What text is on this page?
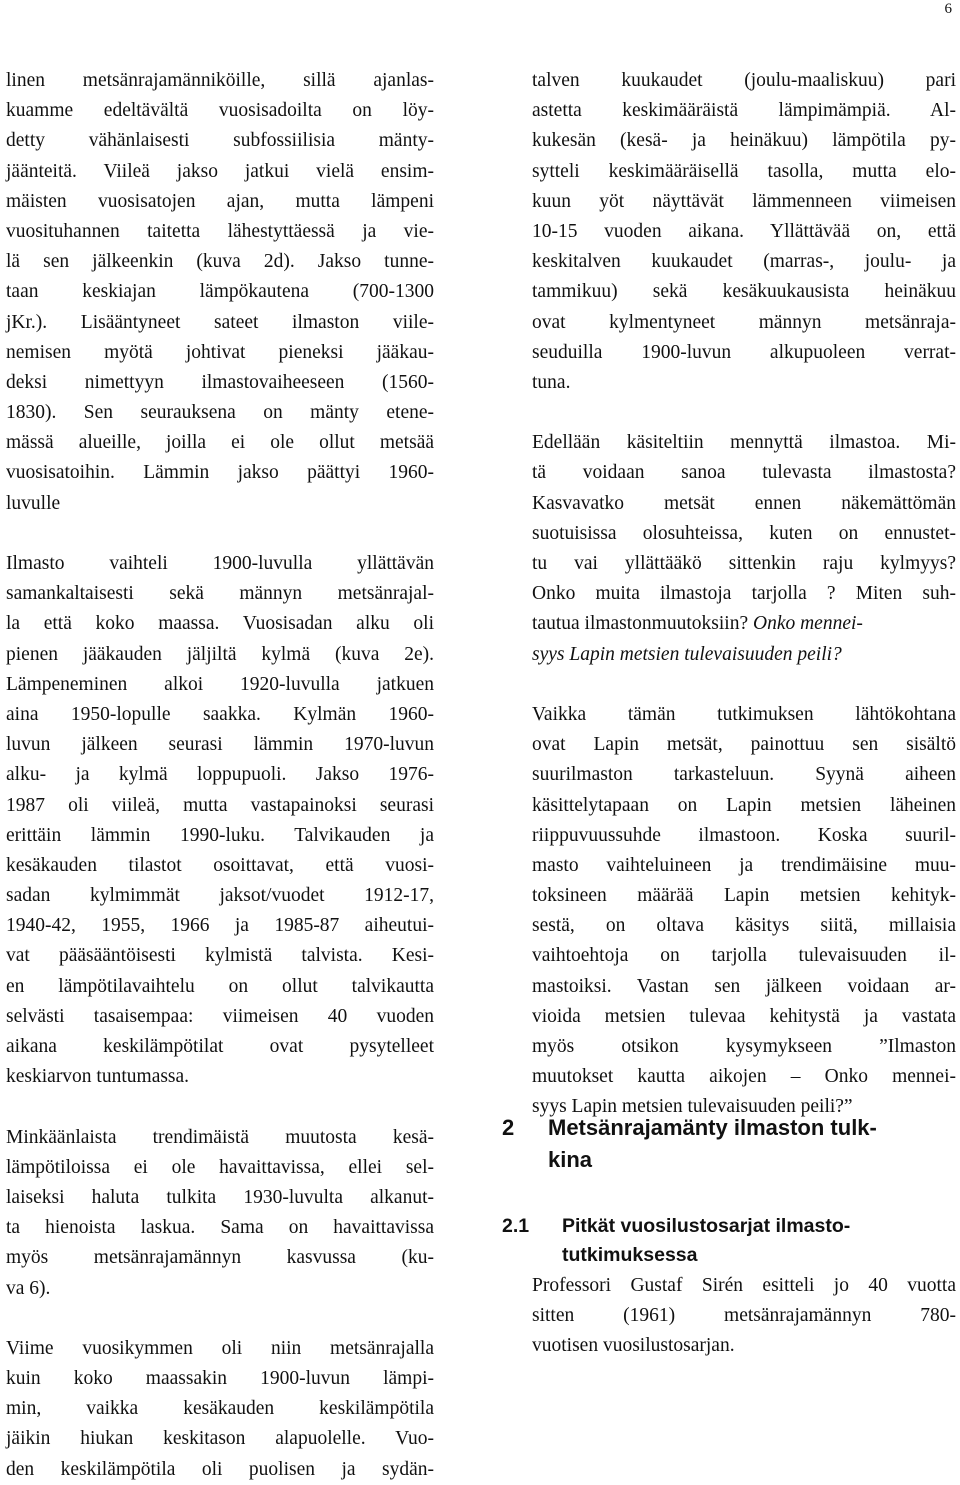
6
linen metsänrajamänniköille, sillä ajanlas-
kuamme edeltävältä vuosisadoilta on löy-
detty vähänlaisesti subfossiilisia mänty-
jäänteitä. Viileä jakso jatkui vielä ensim-
mäisten vuosisatojen ajan, mutta lämpeni
vuosituhannen taitetta lähestyttäessä ja vie-
lä sen jälkeenkin (kuva 2d). Jakso tunne-
taan keskiajan lämpökautena (700-1300
jKr.). Lisääntyneet sateet ilmaston viile-
nemisen myötä johtivat pieneksi jääkau-
deksi nimettyyn ilmastovaiheeseen (1560-
1830). Sen seurauksena on mänty etene-
mässä alueille, joilla ei ole ollut metsää
vuosisatoihin. Lämmin jakso päättyi 1960-
luvulle
Ilmasto vaihteli 1900-luvulla yllättävän
samankaltaisesti sekä männyn metsänrajal-
la että koko maassa. Vuosisadan alku oli
pienen jääkauden jäljiltä kylmä (kuva 2e).
Lämpeneminen alkoi 1920-luvulla jatkuen
aina 1950-lopulle saakka. Kylmän 1960-
luvun jälkeen seurasi lämmin 1970-luvun
alku- ja kylmä loppupuoli. Jakso 1976-
1987 oli viileä, mutta vastapainoksi seurasi
erittäin lämmin 1990-luku. Talvikauden ja
kesäkauden tilastot osoittavat, että vuosi-
sadan kylmimmät jaksot/vuodet 1912-17,
1940-42, 1955, 1966 ja 1985-87 aiheutui-
vat pääsääntöisesti kylmistä talvista. Kesi-
en lämpötilavaihtelu on ollut talvikautta
selvästi tasaisempaa: viimeisen 40 vuoden
aikana keskilämpötilat ovat pysytelleet
keskiarvon tuntumassa.
Minkäänlaista trendimäistä muutosta kesä-
lämpötiloissa ei ole havaittavissa, ellei sel-
laiseksi haluta tulkita 1930-luvulta alkanut-
ta hienoista laskua. Sama on havaittavissa
myös metsänrajamännyn kasvussa (ku-
va 6).
Viime vuosikymmen oli niin metsänrajalla
kuin koko maassakin 1900-luvun lämpi-
min, vaikka kesäkauden keskilämpötila
jäikin hiukan keskitason alapuolelle. Vuo-
den keskilämpötila oli puolisen ja sydän-
talven kuukaudet (joulu-maaliskuu) pari
astetta keskimääräistä lämpimämpiä. Al-
kukesän (kesä- ja heinäkuu) lämpötila py-
sytteli keskimääräisellä tasolla, mutta elo-
kuun yöt näyttävät lämmenneen viimeisen
10-15 vuoden aikana. Yllättävää on, että
keskitalven kuukaudet (marras-, joulu- ja
tammikuu) sekä kesäkuukausista heinäkuu
ovat kylmentyneet männyn metsänraja-
seuduilla 1900-luvun alkupuoleen verrat-
tuna.
Edellään käsiteltiin mennyttä ilmastoa. Mi-
tä voidaan sanoa tulevasta ilmastosta?
Kasvavatko metsät ennen näkemättömän
suotuisissa olosuhteissa, kuten on ennustet-
tu vai yllättääkö sittenkin raju kylmyys?
Onko muita ilmastoja tarjolla ? Miten suh-
tautua ilmastonmuutoksiin? Onko mennei-
syys Lapin metsien tulevaisuuden peili?
Vaikka tämän tutkimuksen lähtökohtana
ovat Lapin metsät, painottuu sen sisältö
suurilmaston tarkasteluun. Syynä aiheen
käsittelytapaan on Lapin metsien läheinen
riippuvuussuhde ilmastoon. Koska suuril-
masto vaihteluineen ja trendimäisine muu-
toksineen määrää Lapin metsien kehityk-
sestä, on oltava käsitys siitä, millaisia
vaihtoehtoja on tarjolla tulevaisuuden il-
mastoiksi. Vastan sen jälkeen voidaan ar-
vioida metsien tulevaa kehitystä ja vastata
myös otsikon kysymykseen ”Ilmaston
muutokset kautta aikojen – Onko mennei-
syys Lapin metsien tulevaisuuden peili?”
2 Metsänrajamänty ilmaston tulk-
kina
2.1 Pitkät vuosilustosarjat ilmasto-
tutkimuksessa
Professori Gustaf Sirén esitteli jo 40 vuotta
sitten (1961) metsänrajamännyn 780-
vuotisen vuosilustosarjan.
